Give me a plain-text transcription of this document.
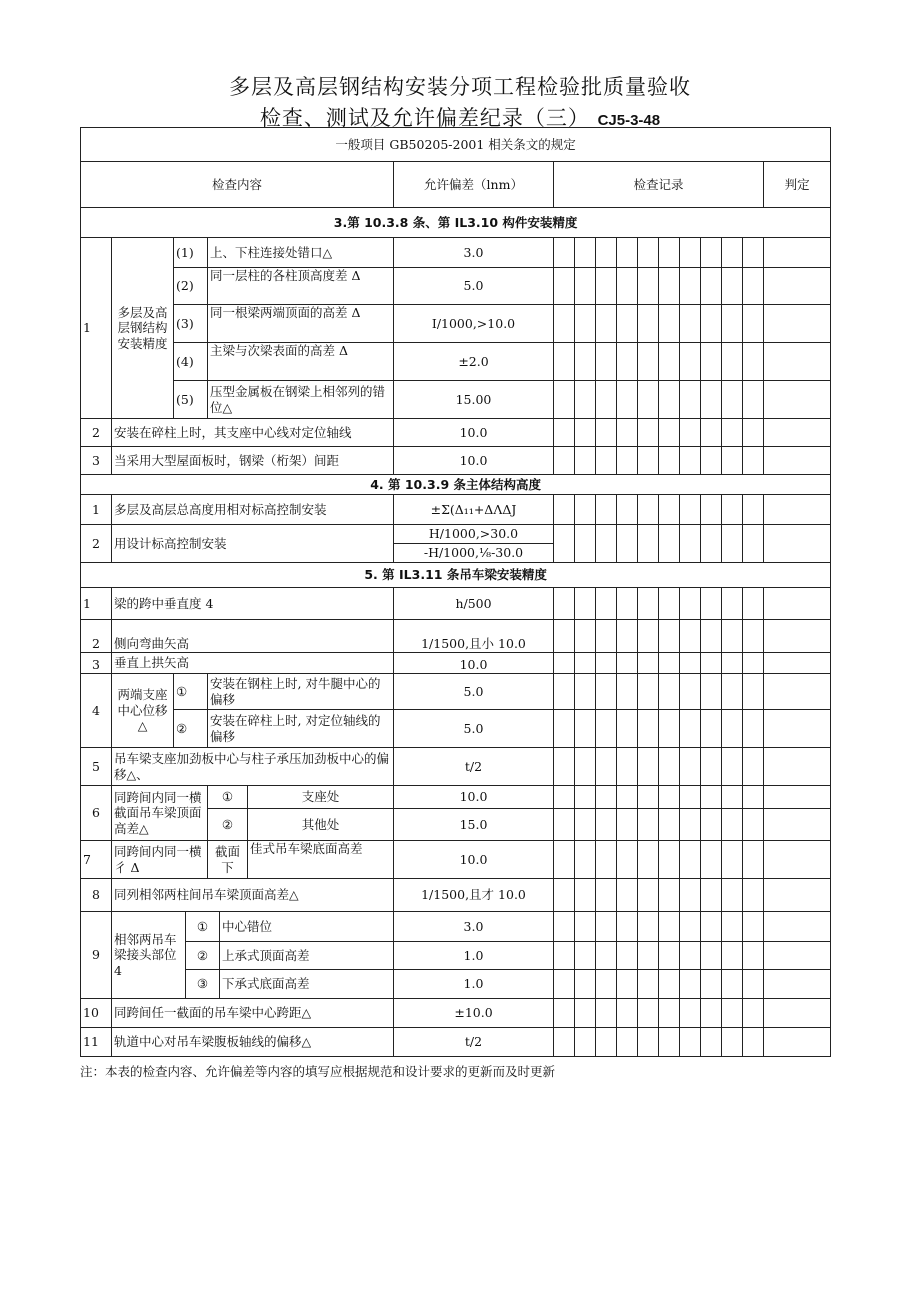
多层及高层钢结构安装分项工程检验批质量验收
检查、测试及允许偏差纪录（三） CJ5-3-48
一般项目 GB50205-2001 相关条文的规定																		
检查内容							允许偏差（lnm）	检查记录										判定
3.第 10.3.8 条、第 IL3.10 构件安装精度																		
1	多层及高层钢结构安装精度	(1)		上、下柱连接处错口△			3.0											
		(2)		同一层柱的各柱顶高度差 Δ			5.0											
		(3)		同一根梁两端顶面的高差 Δ			I/1000,>10.0											
		(4)		主梁与次梁表面的高差 Δ			±2.0											
		(5)		压型金属板在钢梁上相邻列的错位△			15.00											
2	安装在碎柱上时，其支座中心线对定位轴线						10.0											
3	当采用大型屋面板时，钢梁（桁架）间距						10.0											
4. 第 10.3.9 条主体结构高度																		
1	多层及高层总高度用相对标高控制安装						±Σ(Δ₁₁+ΔΛΔJ											
2	用设计标高控制安装						H/1000,>30.0											
							-H/1000,⅛-30.0											
5. 第 IL3.11 条吊车梁安装精度																		
1	梁的跨中垂直度 4						h/500											
2	侧向弯曲矢高						1/1500,且小 10.0											
3	垂直上拱矢高						10.0											
4	两端支座中心位移△	①		安装在钢柱上时, 对牛腿中心的偏移			5.0											
		②		安装在碎柱上时, 对定位轴线的偏移			5.0											
5	吊车梁支座加劲板中心与柱子承压加劲板中心的偏移△、						t/2											
6	同跨间内同一横截面吊车梁顶面高差△			①		支座处	10.0											
				②		其他处	15.0											
7	同跨间内同一横彳 Δ			截面下		佳式吊车梁底面高差	10.0											
8	同列相邻两柱间吊车梁顶面高差△						1/1500,且才 10.0											
9	相邻两吊车梁接头部位 4		①		中心错位		3.0											
			②		上承式顶面高差		1.0											
			③		下承式底面高差		1.0											
10	同跨间任一截面的吊车梁中心跨距△						±10.0											
11	轨道中心对吊车梁腹板轴线的偏移△						t/2											
注：本表的检查内容、允许偏差等内容的填写应根据规范和设计要求的更新而及时更新
